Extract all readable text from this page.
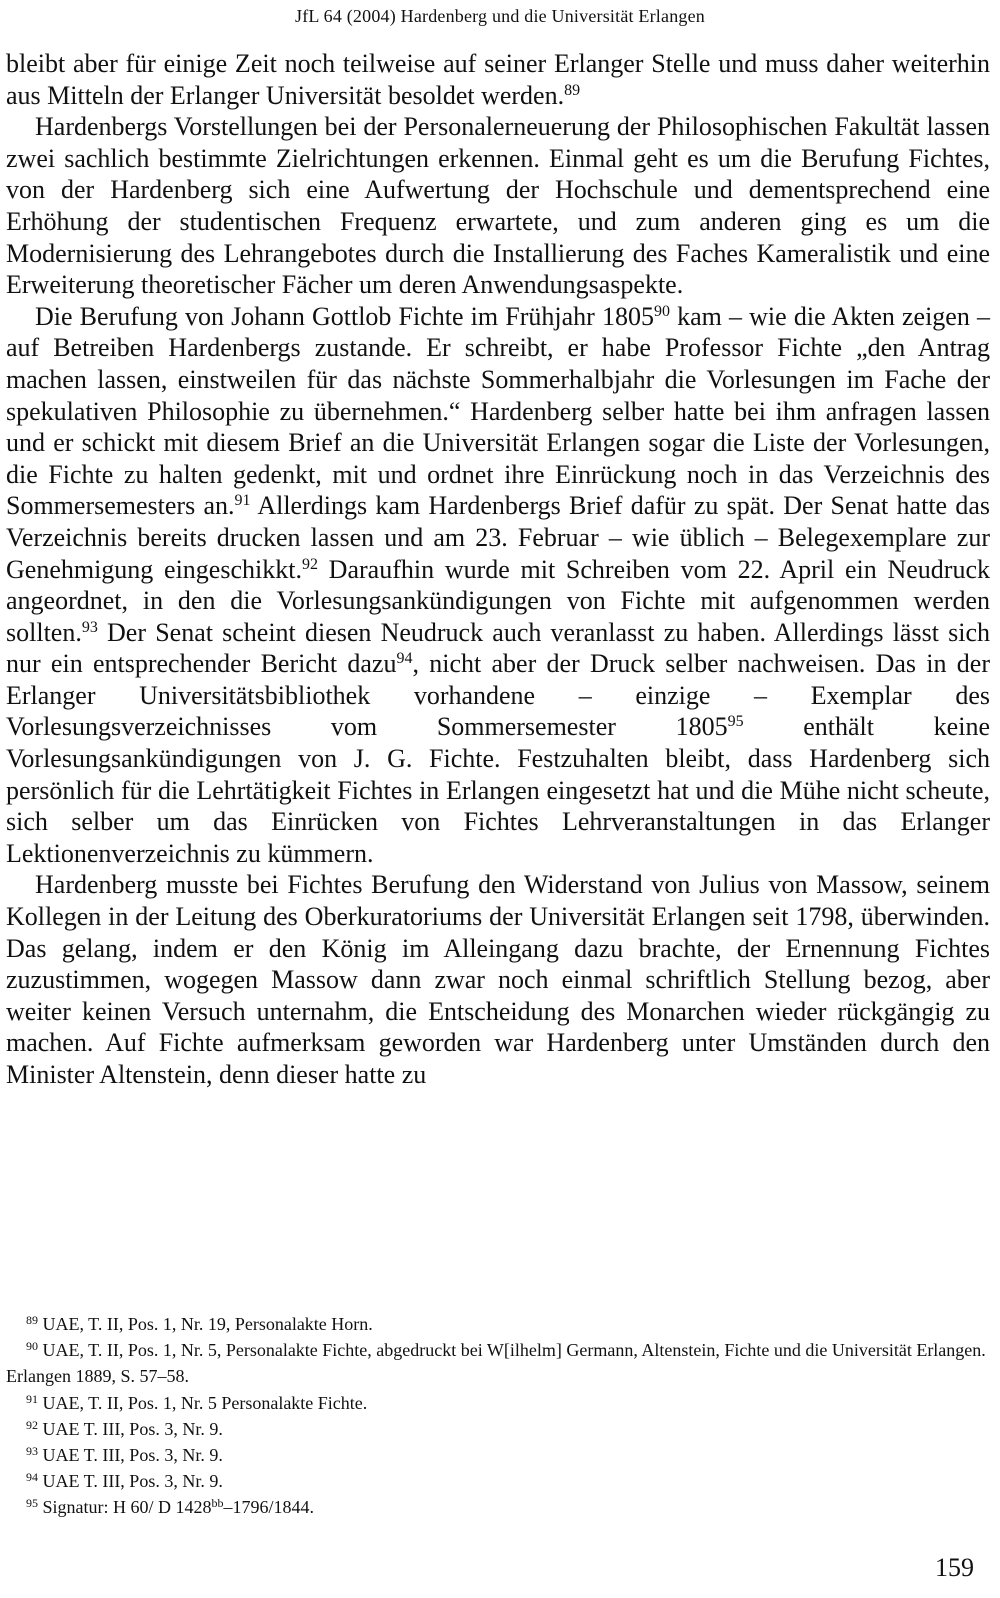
JfL 64 (2004) Hardenberg und die Universität Erlangen

bleibt aber für einige Zeit noch teilweise auf seiner Erlanger Stelle und muss daher weiterhin aus Mitteln der Erlanger Universität besoldet werden.$^{89}$

Hardenbergs Vorstellungen bei der Personalerneuerung der Philosophischen Fakultät lassen zwei sachlich bestimmte Zielrichtungen erkennen. Einmal geht es um die Berufung Fichtes, von der Hardenberg sich eine Aufwertung der Hochschule und dementsprechend eine Erhöhung der studentischen Frequenz erwartete, und zum anderen ging es um die Modernisierung des Lehrangebotes durch die Installierung des Faches Kameralistik und eine Erweiterung theoretischer Fächer um deren Anwendungsaspekte.

Die Berufung von Johann Gottlob Fichte im Frühjahr 1805$^{90}$ kam – wie die Akten zeigen – auf Betreiben Hardenbergs zustande. Er schreibt, er habe Professor Fichte „den Antrag machen lassen, einstweilen für das nächste Sommerhalbjahr die Vorlesungen im Fache der spekulativen Philosophie zu übernehmen.“ Hardenberg selber hatte bei ihm anfragen lassen und er schickt mit diesem Brief an die Universität Erlangen sogar die Liste der Vorlesungen, die Fichte zu halten gedenkt, mit und ordnet ihre Einrückung noch in das Verzeichnis des Sommersemesters an.$^{91}$ Allerdings kam Hardenbergs Brief dafür zu spät. Der Senat hatte das Verzeichnis bereits drucken lassen und am 23. Februar – wie üblich – Belegexemplare zur Genehmigung eingeschikkt.$^{92}$ Daraufhin wurde mit Schreiben vom 22. April ein Neudruck angeordnet, in den die Vorlesungsankündigungen von Fichte mit aufgenommen werden sollten.$^{93}$ Der Senat scheint diesen Neudruck auch veranlasst zu haben. Allerdings lässt sich nur ein entsprechender Bericht dazu$^{94}$, nicht aber der Druck selber nachweisen. Das in der Erlanger Universitätsbibliothek vorhandene – einzige – Exemplar des Vorlesungsverzeichnisses vom Sommersemester 1805$^{95}$ enthält keine Vorlesungsankündigungen von J. G. Fichte. Festzuhalten bleibt, dass Hardenberg sich persönlich für die Lehrtätigkeit Fichtes in Erlangen eingesetzt hat und die Mühe nicht scheute, sich selber um das Einrücken von Fichtes Lehrveranstaltungen in das Erlanger Lektionenverzeichnis zu kümmern.

Hardenberg musste bei Fichtes Berufung den Widerstand von Julius von Massow, seinem Kollegen in der Leitung des Oberkuratoriums der Universität Erlangen seit 1798, überwinden. Das gelang, indem er den König im Alleingang dazu brachte, der Ernennung Fichtes zuzustimmen, wogegen Massow dann zwar noch einmal schriftlich Stellung bezog, aber weiter keinen Versuch unternahm, die Entscheidung des Monarchen wieder rückgängig zu machen. Auf Fichte aufmerksam geworden war Hardenberg unter Umständen durch den Minister Altenstein, denn dieser hatte zu

$^{89}$ UAE, T. II, Pos. 1, Nr. 19, Personalakte Horn.

$^{90}$ UAE, T. II, Pos. 1, Nr. 5, Personalakte Fichte, abgedruckt bei W[ilhelm] Germann, Altenstein, Fichte und die Universität Erlangen. Erlangen 1889, S. 57–58.

$^{91}$ UAE, T. II, Pos. 1, Nr. 5 Personalakte Fichte.

$^{92}$ UAE T. III, Pos. 3, Nr. 9.

$^{93}$ UAE T. III, Pos. 3, Nr. 9.

$^{94}$ UAE T. III, Pos. 3, Nr. 9.

$^{95}$ Signatur: H 60/ D $1428^{bb}-1796/1844$.

159
